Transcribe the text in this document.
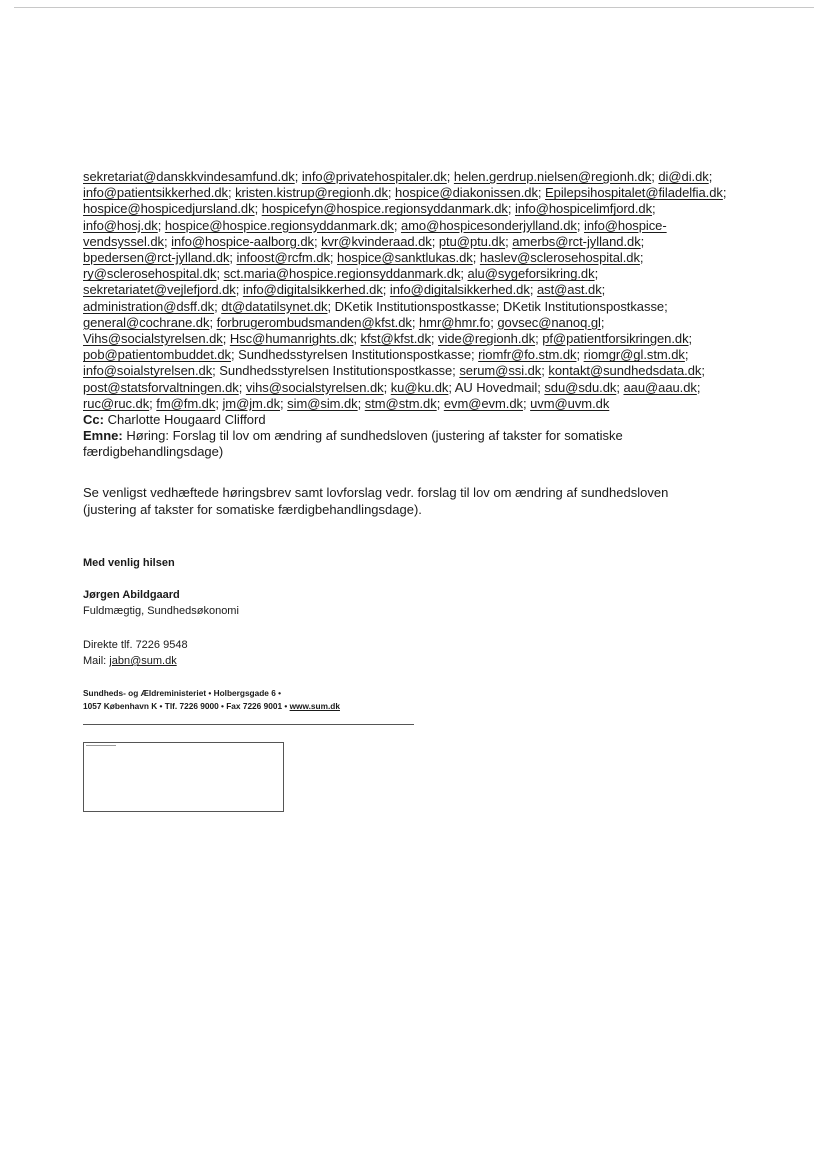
sekretariat@danskkvindesamfund.dk; info@privatehospitaler.dk; helen.gerdrup.nielsen@regionh.dk; di@di.dk;
info@patientsikkerhed.dk; kristen.kistrup@regionh.dk; hospice@diakonissen.dk; Epilepsihospitalet@filadelfia.dk;
hospice@hospicedjursland.dk; hospicefyn@hospice.regionsyddanmark.dk; info@hospicelimfjord.dk;
info@hosj.dk; hospice@hospice.regionsyddanmark.dk; amo@hospicesonderjylland.dk; info@hospice-
vendsyssel.dk; info@hospice-aalborg.dk; kvr@kvinderaad.dk; ptu@ptu.dk; amerbs@rct-jylland.dk;
bpedersen@rct-jylland.dk; infoost@rcfm.dk; hospice@sanktlukas.dk; haslev@sclerosehospital.dk;
ry@sclerosehospital.dk; sct.maria@hospice.regionsyddanmark.dk; alu@sygeforsikring.dk;
sekretariatet@vejlefjord.dk; info@digitalsikkerhed.dk; info@digitalsikkerhed.dk; ast@ast.dk;
administration@dsff.dk; dt@datatilsynet.dk; DKetik Institutionspostkasse; DKetik Institutionspostkasse;
general@cochrane.dk; forbrugerombudsmanden@kfst.dk; hmr@hmr.fo; govsec@nanoq.gl;
Vihs@socialstyrelsen.dk; Hsc@humanrights.dk; kfst@kfst.dk; vide@regionh.dk; pf@patientforsikringen.dk;
pob@patientombuddet.dk; Sundhedsstyrelsen Institutionspostkasse; riomfr@fo.stm.dk; riomgr@gl.stm.dk;
info@soialstyrelsen.dk; Sundhedsstyrelsen Institutionspostkasse; serum@ssi.dk; kontakt@sundhedsdata.dk;
post@statsforvaltningen.dk; vihs@socialstyrelsen.dk; ku@ku.dk; AU Hovedmail; sdu@sdu.dk; aau@aau.dk;
ruc@ruc.dk; fm@fm.dk; jm@jm.dk; sim@sim.dk; stm@stm.dk; evm@evm.dk; uvm@uvm.dk
Cc: Charlotte Hougaard Clifford
Emne: Høring: Forslag til lov om ændring af sundhedsloven (justering af takster for somatiske færdigbehandlingsdage)
Se venligst vedhæftede høringsbrev samt lovforslag vedr. forslag til lov om ændring af sundhedsloven (justering af takster for somatiske færdigbehandlingsdage).
Med venlig hilsen
Jørgen Abildgaard
Fuldmægtig, Sundhedsøkonomi
Direkte tlf. 7226 9548
Mail: jabn@sum.dk
Sundheds- og Ældreministeriet • Holbergsgade 6 •
1057 København K • Tlf. 7226 9000 • Fax 7226 9001 • www.sum.dk
